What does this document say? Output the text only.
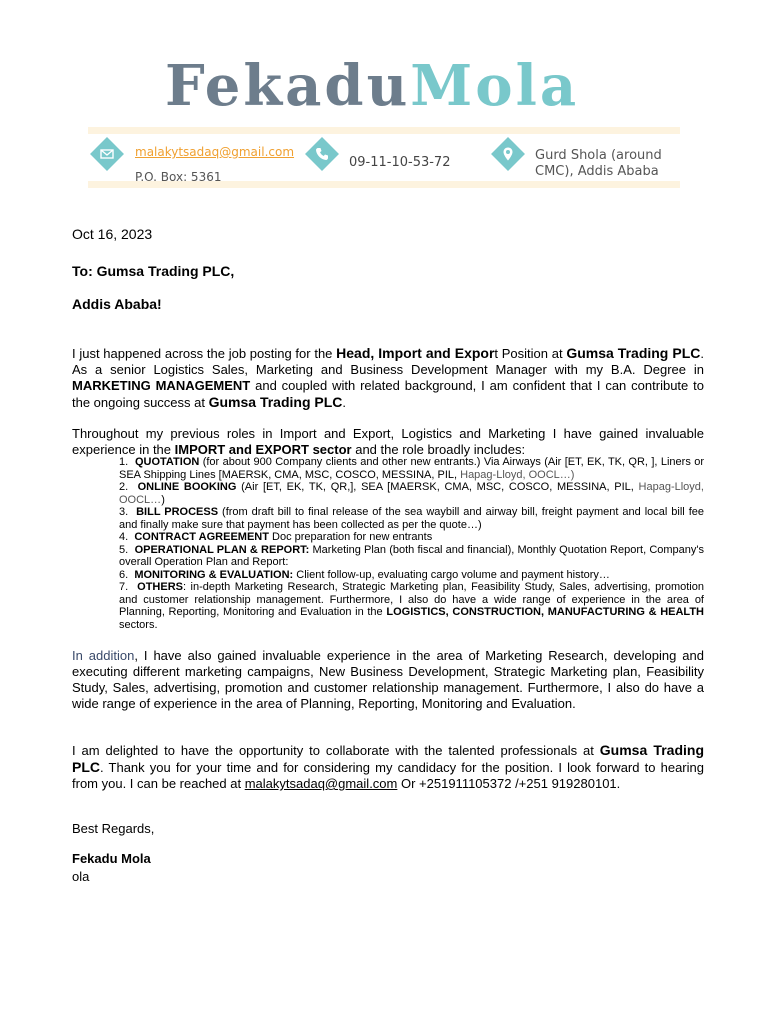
FekaduMola
malakytsadaq@gmail.com
P.O. Box: 5361
09-11-10-53-72	Gurd Shola (around
CMC), Addis Ababa
Oct 16, 2023
To: Gumsa Trading PLC,
Addis Ababa!
I just happened across the job posting for the Head, Import and Export Position at Gumsa Trading PLC. As a senior Logistics Sales, Marketing and Business Development Manager with my B.A. Degree in MARKETING MANAGEMENT and coupled with related background, I am confident that I can contribute to the ongoing success at Gumsa Trading PLC.
Throughout my previous roles in Import and Export, Logistics and Marketing I have gained invaluable experience in the IMPORT and EXPORT sector and the role broadly includes:
1. QUOTATION (for about 900 Company clients and other new entrants.) Via Airways (Air [ET, EK, TK, QR, ], Liners or SEA Shipping Lines [MAERSK, CMA, MSC, COSCO, MESSINA, PIL, Hapag-Lloyd, OOCL…)
2. ONLINE BOOKING (Air [ET, EK, TK, QR,], SEA [MAERSK, CMA, MSC, COSCO, MESSINA, PIL, Hapag-Lloyd, OOCL…)
3. BILL PROCESS (from draft bill to final release of the sea waybill and airway bill, freight payment and local bill fee and finally make sure that payment has been collected as per the quote…)
4. CONTRACT AGREEMENT Doc preparation for new entrants
5. OPERATIONAL PLAN & REPORT: Marketing Plan (both fiscal and financial), Monthly Quotation Report, Company's overall Operation Plan and Report:
6. MONITORING & EVALUATION: Client follow-up, evaluating cargo volume and payment history…
7. OTHERS: in-depth Marketing Research, Strategic Marketing plan, Feasibility Study, Sales, advertising, promotion and customer relationship management. Furthermore, I also do have a wide range of experience in the area of Planning, Reporting, Monitoring and Evaluation in the LOGISTICS, CONSTRUCTION, MANUFACTURING & HEALTH sectors.
In addition, I have also gained invaluable experience in the area of Marketing Research, developing and executing different marketing campaigns, New Business Development, Strategic Marketing plan, Feasibility Study, Sales, advertising, promotion and customer relationship management. Furthermore, I also do have a wide range of experience in the area of Planning, Reporting, Monitoring and Evaluation.
I am delighted to have the opportunity to collaborate with the talented professionals at Gumsa Trading PLC. Thank you for your time and for considering my candidacy for the position. I look forward to hearing from you. I can be reached at malakytsadaq@gmail.com Or +251911105372 /+251 919280101.
Best Regards,
Fekadu Mola
ola
